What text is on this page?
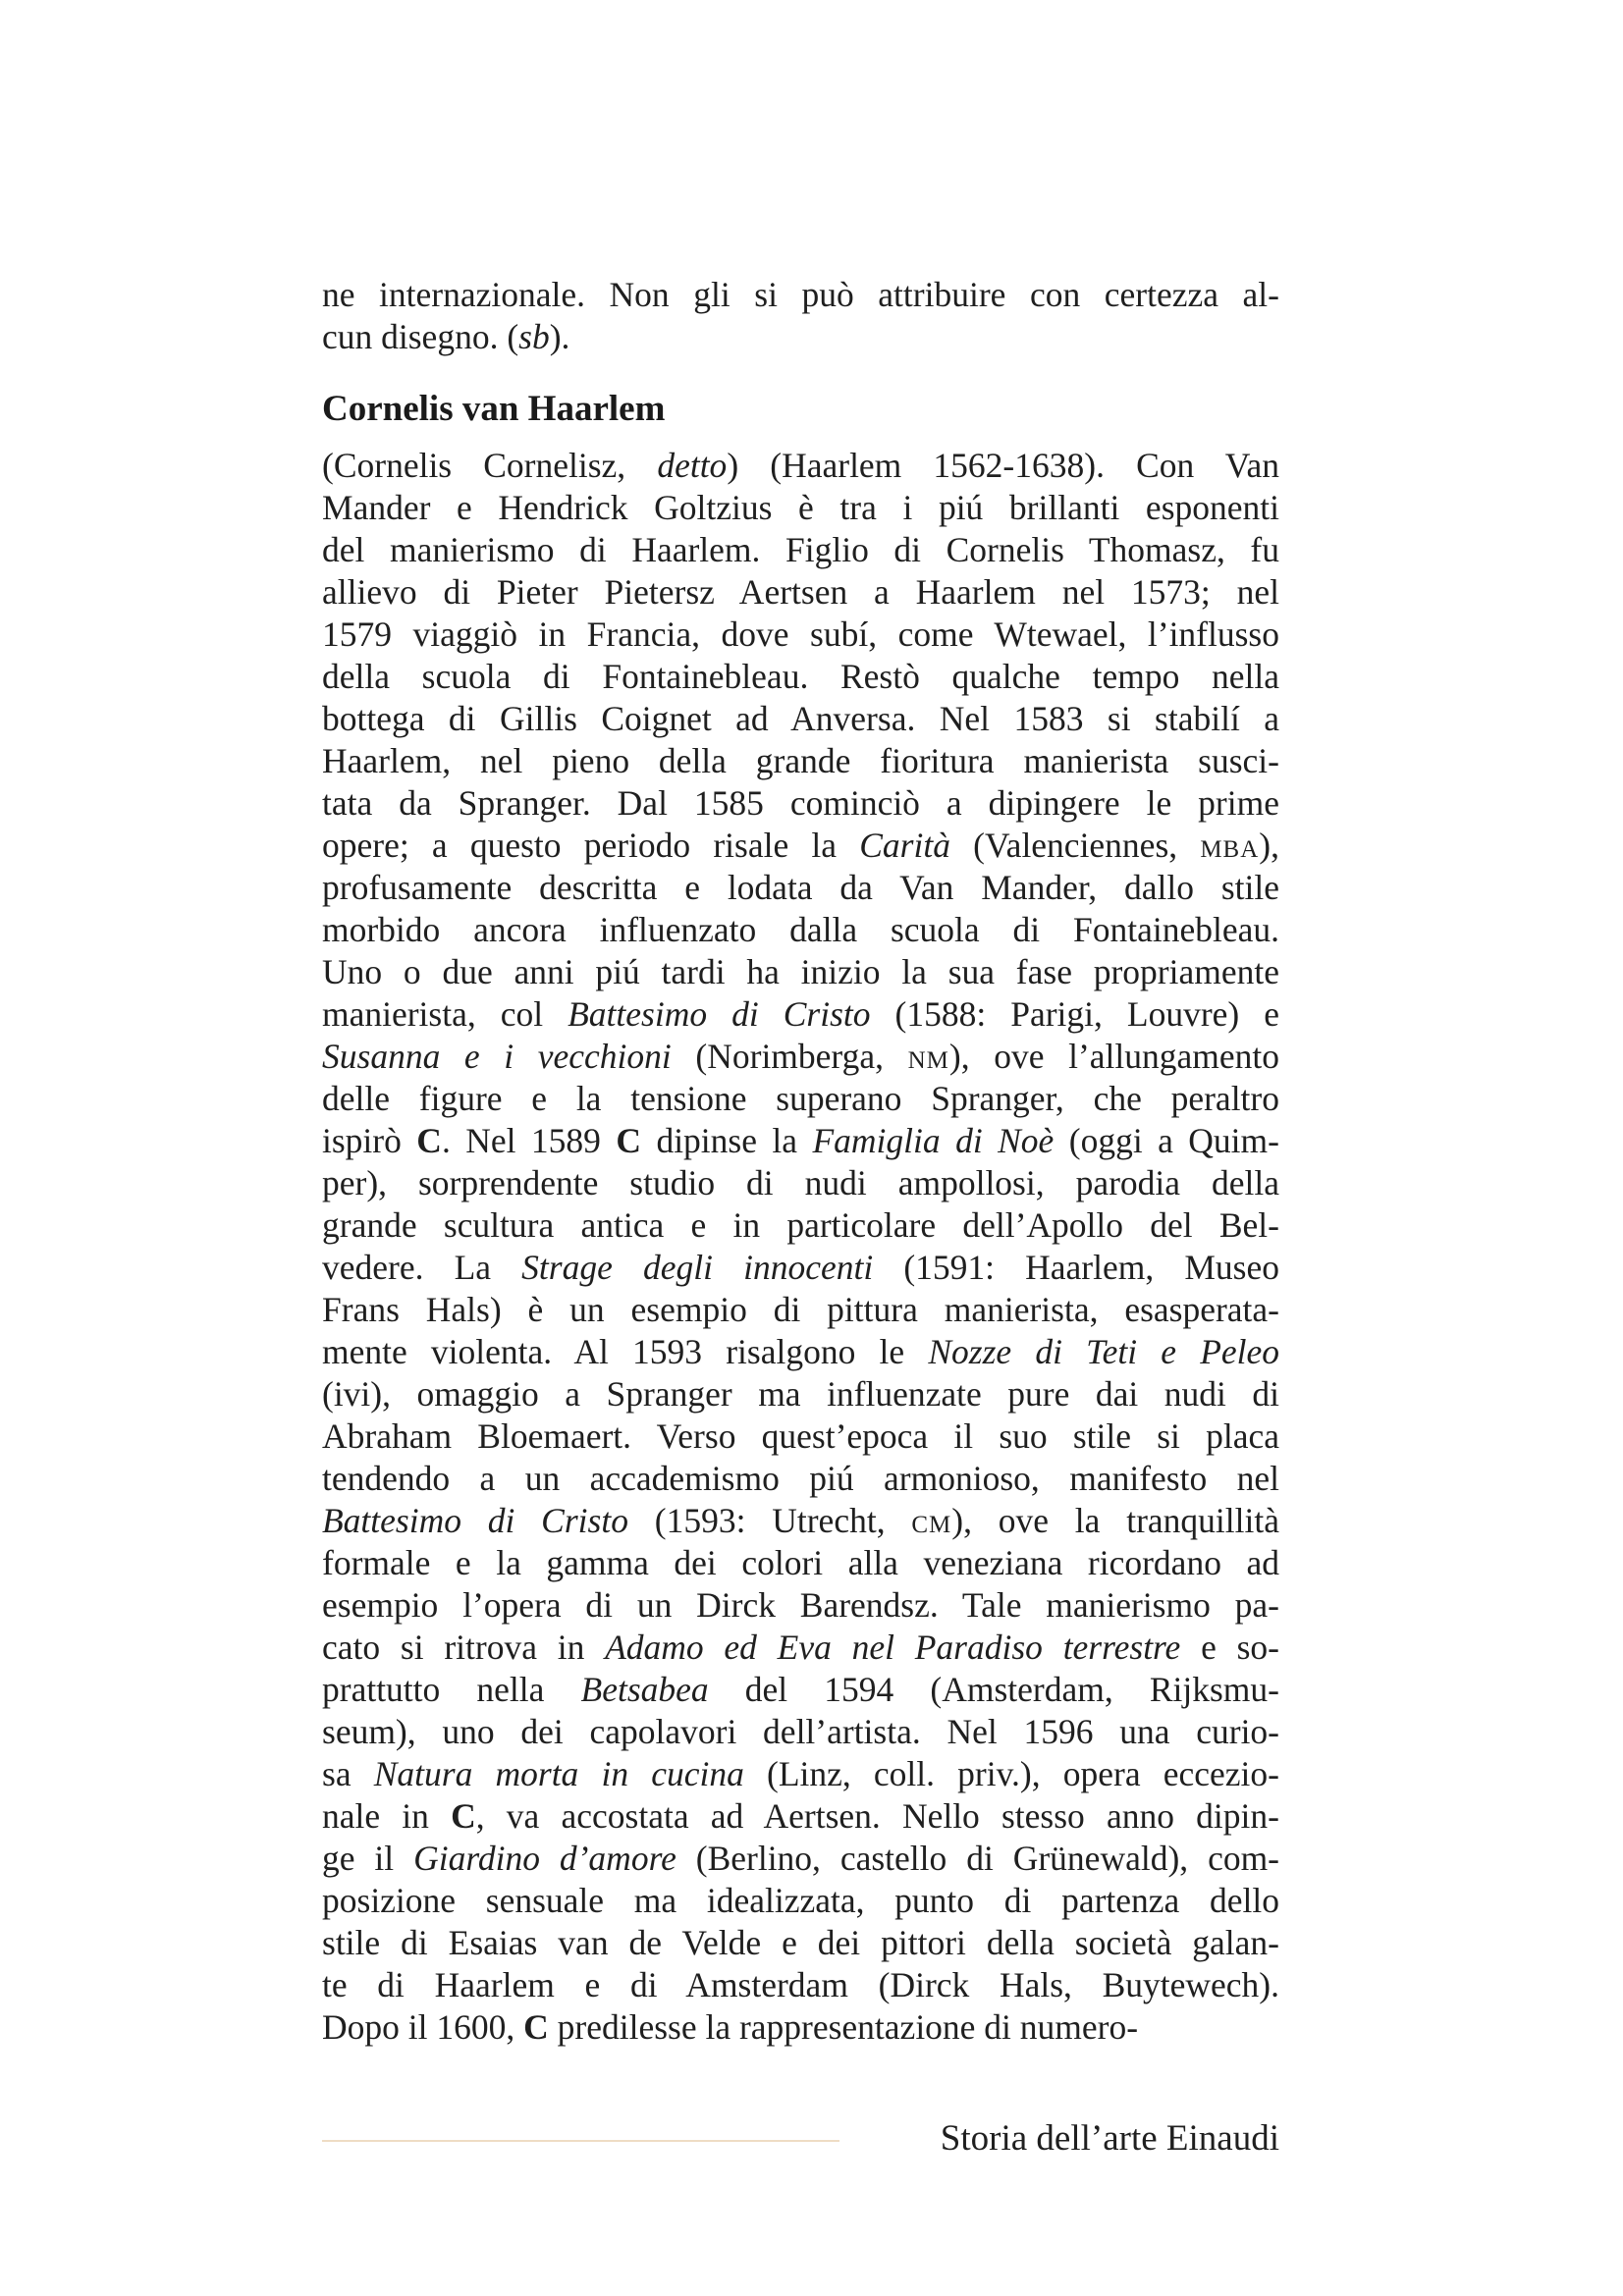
ne internazionale. Non gli si può attribuire con certezza al-
cun disegno. (sb).
Cornelis van Haarlem
(Cornelis Cornelisz, detto) (Haarlem 1562-1638). Con Van
Mander e Hendrick Goltzius è tra i piú brillanti esponenti
del manierismo di Haarlem. Figlio di Cornelis Thomasz, fu
allievo di Pieter Pietersz Aertsen a Haarlem nel 1573; nel
1579 viaggiò in Francia, dove subí, come Wtewael, l’influsso
della scuola di Fontainebleau. Restò qualche tempo nella
bottega di Gillis Coignet ad Anversa. Nel 1583 si stabilí a
Haarlem, nel pieno della grande fioritura manierista susci-
tata da Spranger. Dal 1585 cominciò a dipingere le prime
opere; a questo periodo risale la Carità (Valenciennes, mba),
profusamente descritta e lodata da Van Mander, dallo stile
morbido ancora influenzato dalla scuola di Fontainebleau.
Uno o due anni piú tardi ha inizio la sua fase propriamente
manierista, col Battesimo di Cristo (1588: Parigi, Louvre) e
Susanna e i vecchioni (Norimberga, nm), ove l’allungamento
delle figure e la tensione superano Spranger, che peraltro
ispirò C. Nel 1589 C dipinse la Famiglia di Noè (oggi a Quim-
per), sorprendente studio di nudi ampollosi, parodia della
grande scultura antica e in particolare dell’Apollo del Bel-
vedere. La Strage degli innocenti (1591: Haarlem, Museo
Frans Hals) è un esempio di pittura manierista, esasperata-
mente violenta. Al 1593 risalgono le Nozze di Teti e Peleo
(ivi), omaggio a Spranger ma influenzate pure dai nudi di
Abraham Bloemaert. Verso quest’epoca il suo stile si placa
tendendo a un accademismo piú armonioso, manifesto nel
Battesimo di Cristo (1593: Utrecht, cm), ove la tranquillità
formale e la gamma dei colori alla veneziana ricordano ad
esempio l’opera di un Dirck Barendsz. Tale manierismo pa-
cato si ritrova in Adamo ed Eva nel Paradiso terrestre e so-
prattutto nella Betsabea del 1594 (Amsterdam, Rijksmu-
seum), uno dei capolavori dell’artista. Nel 1596 una curio-
sa Natura morta in cucina (Linz, coll. priv.), opera eccezio-
nale in C, va accostata ad Aertsen. Nello stesso anno dipin-
ge il Giardino d’amore (Berlino, castello di Grünewald), com-
posizione sensuale ma idealizzata, punto di partenza dello
stile di Esaias van de Velde e dei pittori della società galan-
te di Haarlem e di Amsterdam (Dirck Hals, Buytewech).
Dopo il 1600, C predilesse la rappresentazione di numero-
Storia dell’arte Einaudi
